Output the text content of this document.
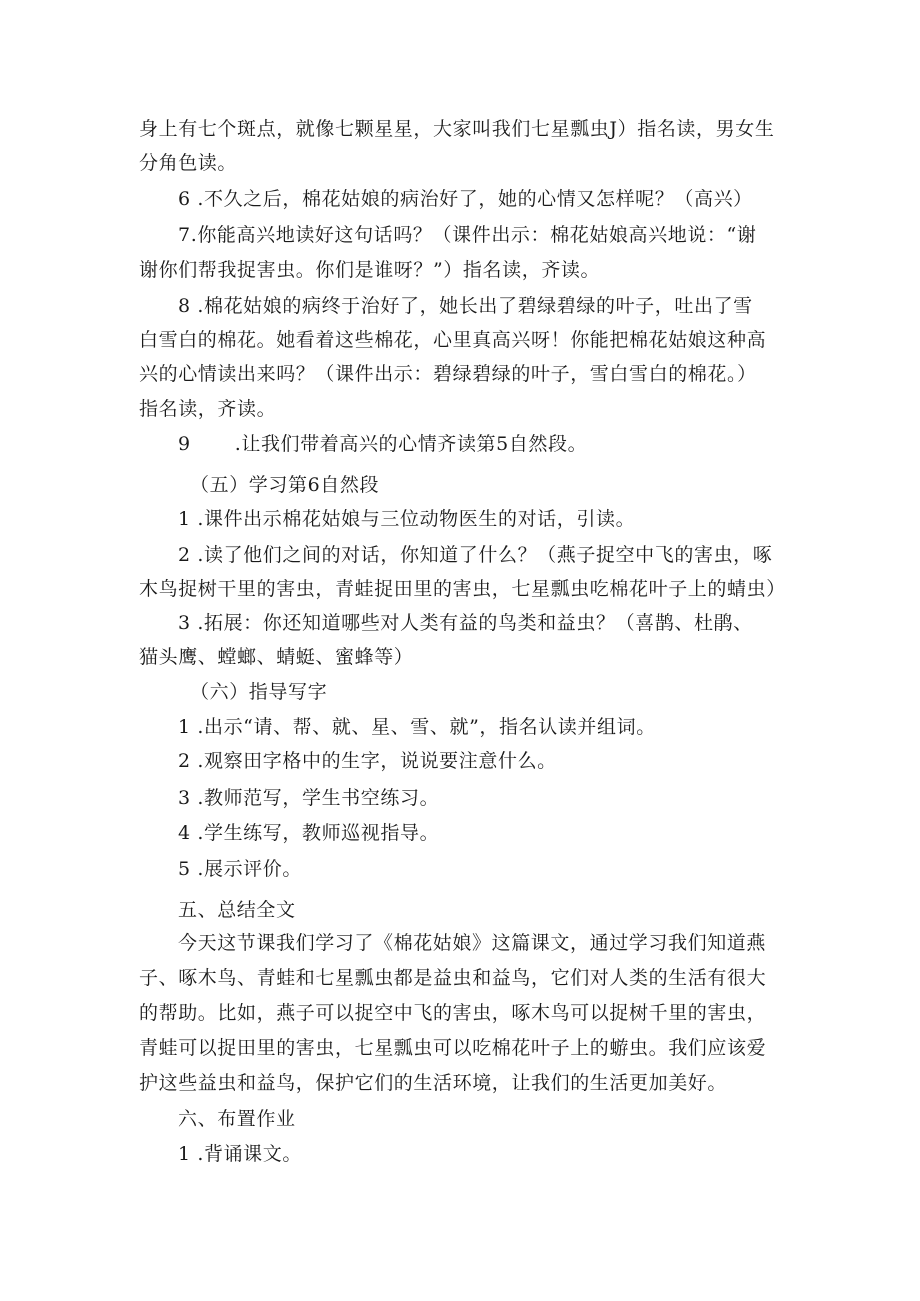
身上有七个斑点，就像七颗星星，大家叫我们七星瓢虫J）指名读，男女生
分角色读。
6 .不久之后，棉花姑娘的病治好了，她的心情又怎样呢？（高兴）
7.你能高兴地读好这句话吗？（课件出示：棉花姑娘高兴地说：“谢
谢你们帮我捉害虫。你们是谁呀？”）指名读，齐读。
8 .棉花姑娘的病终于治好了，她长出了碧绿碧绿的叶子，吐出了雪
白雪白的棉花。她看着这些棉花，心里真高兴呀！你能把棉花姑娘这种高
兴的心情读出来吗？（课件出示：碧绿碧绿的叶子，雪白雪白的棉花。）
指名读，齐读。
9 .让我们带着高兴的心情齐读第5自然段。
（五）学习第6自然段
1 .课件出示棉花姑娘与三位动物医生的对话，引读。
2 .读了他们之间的对话，你知道了什么？（燕子捉空中飞的害虫，啄
木鸟捉树干里的害虫，青蛙捉田里的害虫，七星瓢虫吃棉花叶子上的蜻虫）
3 .拓展：你还知道哪些对人类有益的鸟类和益虫？（喜鹊、杜鹃、
猫头鹰、螳螂、蜻蜓、蜜蜂等）
（六）指导写字
1 .出示“请、帮、就、星、雪、就”，指名认读并组词。
2 .观察田字格中的生字，说说要注意什么。
3 .教师范写，学生书空练习。
4 .学生练写，教师巡视指导。
5 .展示评价。
五、总结全文
今天这节课我们学习了《棉花姑娘》这篇课文，通过学习我们知道燕
子、啄木鸟、青蛙和七星瓢虫都是益虫和益鸟，它们对人类的生活有很大
的帮助。比如，燕子可以捉空中飞的害虫，啄木鸟可以捉树千里的害虫，
青蛙可以捉田里的害虫，七星瓢虫可以吃棉花叶子上的蝣虫。我们应该爱
护这些益虫和益鸟，保护它们的生活环境，让我们的生活更加美好。
六、布置作业
1 .背诵课文。
